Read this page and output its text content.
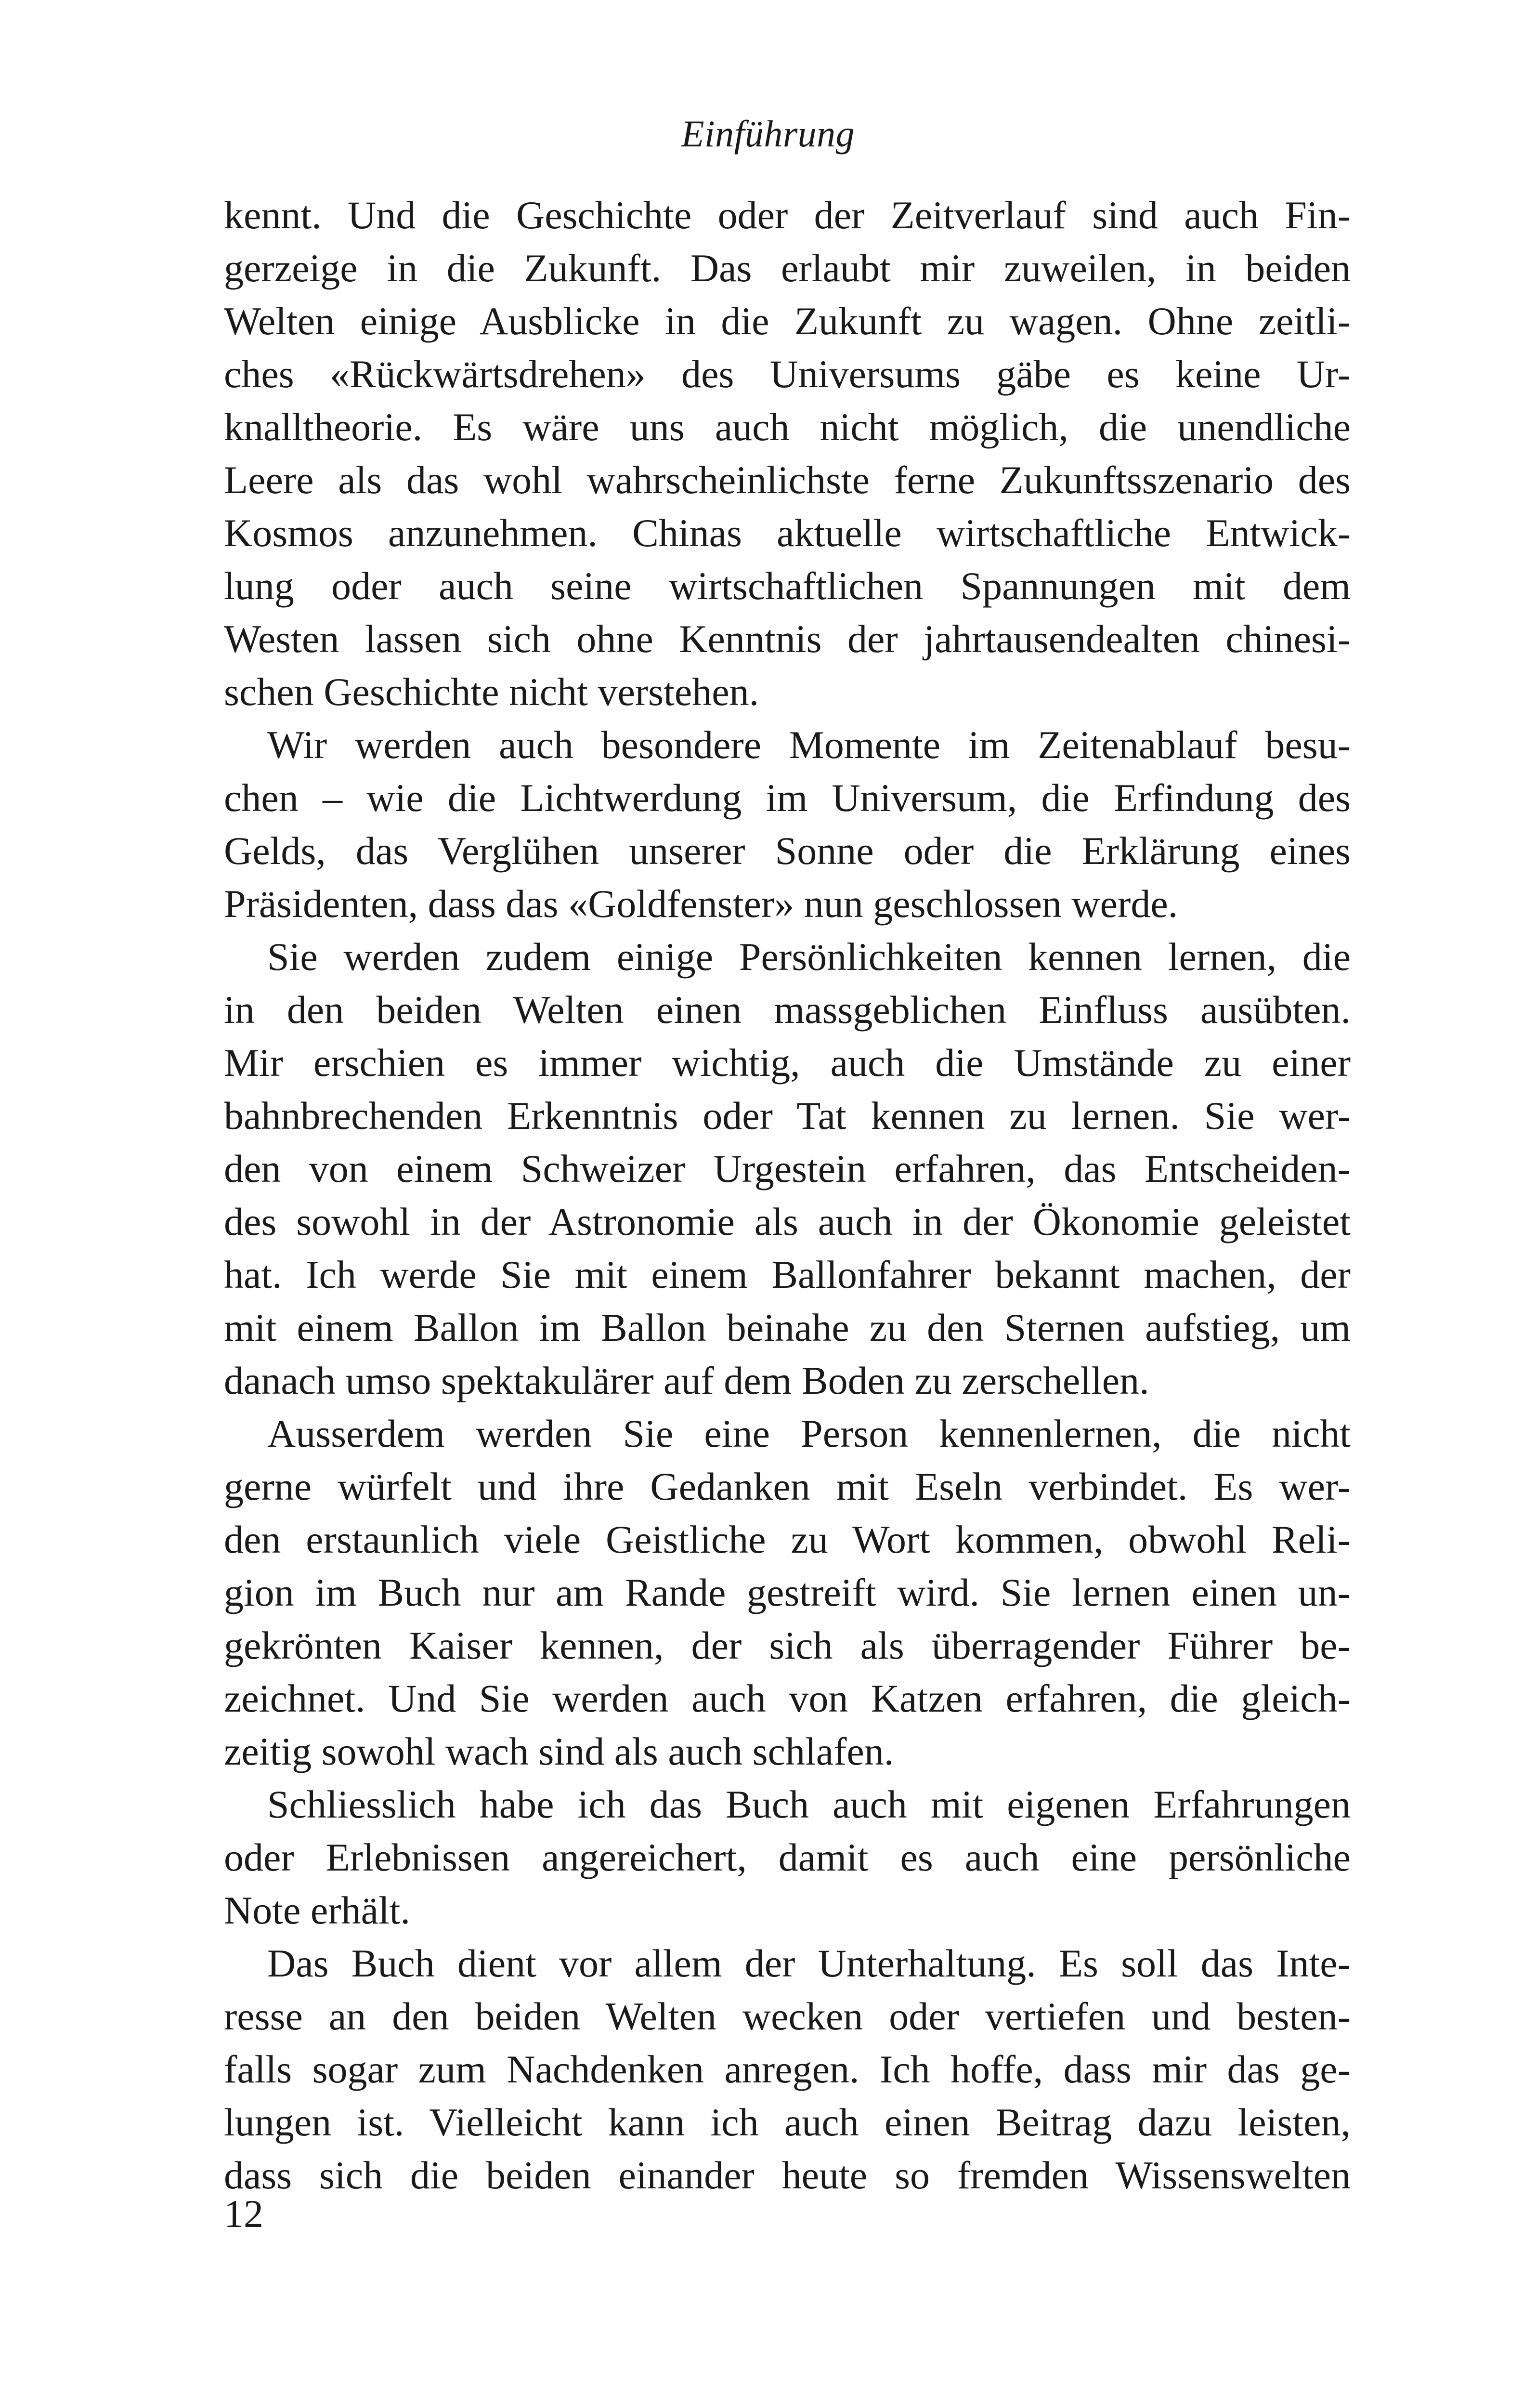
Einführung
kennt. Und die Geschichte oder der Zeitverlauf sind auch Fin-
gerzeige in die Zukunft. Das erlaubt mir zuweilen, in beiden
Welten einige Ausblicke in die Zukunft zu wagen. Ohne zeitli-
ches «Rückwärtsdrehen» des Universums gäbe es keine Ur-
knalltheorie. Es wäre uns auch nicht möglich, die unendliche
Leere als das wohl wahrscheinlichste ferne Zukunftsszenario des
Kosmos anzunehmen. Chinas aktuelle wirtschaftliche Entwick-
lung oder auch seine wirtschaftlichen Spannungen mit dem
Westen lassen sich ohne Kenntnis der jahrtausendealten chinesi-
schen Geschichte nicht verstehen.
Wir werden auch besondere Momente im Zeitenablauf besu-
chen – wie die Lichtwerdung im Universum, die Erfindung des
Gelds, das Verglühen unserer Sonne oder die Erklärung eines
Präsidenten, dass das «Goldfenster» nun geschlossen werde.
Sie werden zudem einige Persönlichkeiten kennen lernen, die
in den beiden Welten einen massgeblichen Einfluss ausübten.
Mir erschien es immer wichtig, auch die Umstände zu einer
bahnbrechenden Erkenntnis oder Tat kennen zu lernen. Sie wer-
den von einem Schweizer Urgestein erfahren, das Entscheiden-
des sowohl in der Astronomie als auch in der Ökonomie geleistet
hat. Ich werde Sie mit einem Ballonfahrer bekannt machen, der
mit einem Ballon im Ballon beinahe zu den Sternen aufstieg, um
danach umso spektakulärer auf dem Boden zu zerschellen.
Ausserdem werden Sie eine Person kennenlernen, die nicht
gerne würfelt und ihre Gedanken mit Eseln verbindet. Es wer-
den erstaunlich viele Geistliche zu Wort kommen, obwohl Reli-
gion im Buch nur am Rande gestreift wird. Sie lernen einen un-
gekrönten Kaiser kennen, der sich als überragender Führer be-
zeichnet. Und Sie werden auch von Katzen erfahren, die gleich-
zeitig sowohl wach sind als auch schlafen.
Schliesslich habe ich das Buch auch mit eigenen Erfahrungen
oder Erlebnissen angereichert, damit es auch eine persönliche
Note erhält.
Das Buch dient vor allem der Unterhaltung. Es soll das Inte-
resse an den beiden Welten wecken oder vertiefen und besten-
falls sogar zum Nachdenken anregen. Ich hoffe, dass mir das ge-
lungen ist. Vielleicht kann ich auch einen Beitrag dazu leisten,
dass sich die beiden einander heute so fremden Wissenswelten
12
